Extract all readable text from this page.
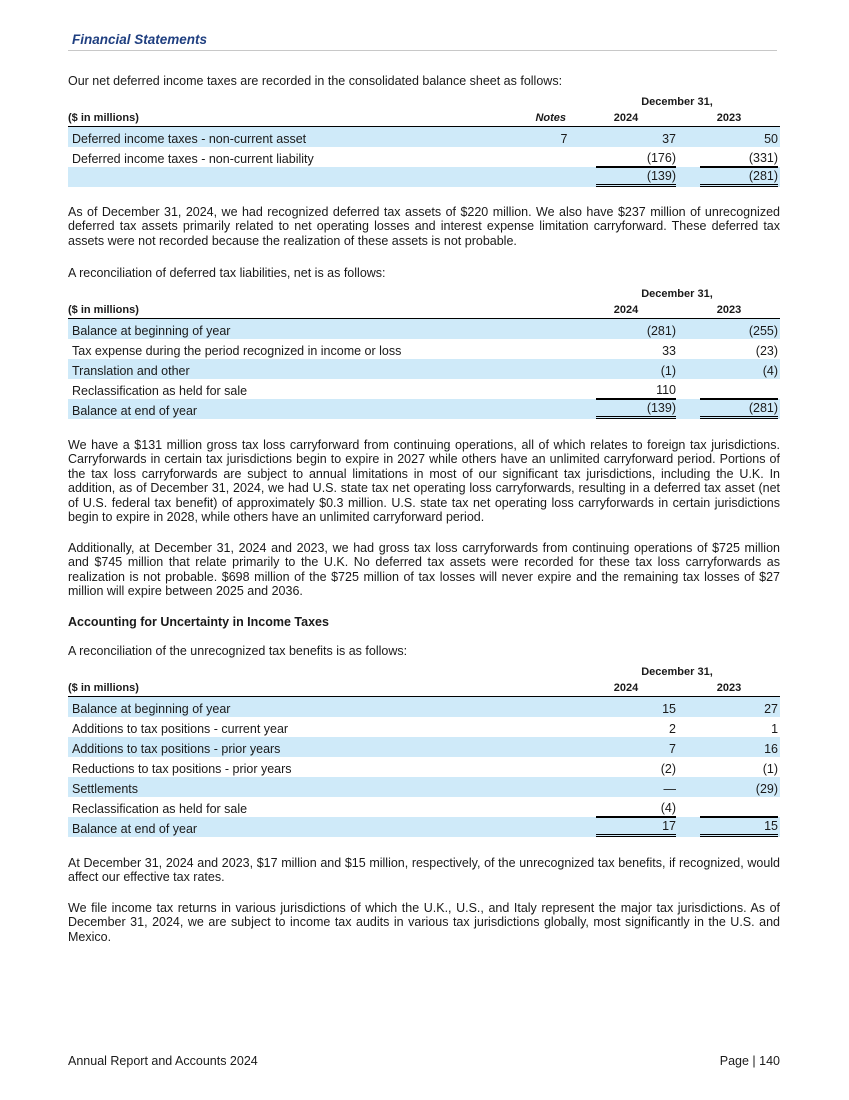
Financial Statements

Our net deferred income taxes are recorded in the consolidated balance sheet as follows:

		December 31,	
($ in millions)	Notes	2024	2023
Deferred income taxes - non-current asset	7	37	50

Deferred income taxes - non-current liability		(176)	(331)

		(139)	(281)

As of December 31, 2024, we had recognized deferred tax assets of $220 million. We also have $237 million of unrecognized deferred tax assets primarily related to net operating losses and interest expense limitation carryforward. These deferred tax assets were not recorded because the realization of these assets is not probable.

A reconciliation of deferred tax liabilities, net is as follows:

	December 31,	
($ in millions)	2024	2023
Balance at beginning of year	(281)	(255)

Tax expense during the period recognized in income or loss	33	(23)

Translation and other	(1)	(4)

Reclassification as held for sale	110	

Balance at end of year	(139)	(281)

We have a $131 million gross tax loss carryforward from continuing operations, all of which relates to foreign tax jurisdictions. Carryforwards in certain tax jurisdictions begin to expire in 2027 while others have an unlimited carryforward period. Portions of the tax loss carryforwards are subject to annual limitations in most of our significant tax jurisdictions, including the U.K. In addition, as of December 31, 2024, we had U.S. state tax net operating loss carryforwards, resulting in a deferred tax asset (net of U.S. federal tax benefit) of approximately $0.3 million. U.S. state tax net operating loss carryforwards in certain jurisdictions begin to expire in 2028, while others have an unlimited carryforward period.

Additionally, at December 31, 2024 and 2023, we had gross tax loss carryforwards from continuing operations of $725 million and $745 million that relate primarily to the U.K. No deferred tax assets were recorded for these tax loss carryforwards as realization is not probable. $698 million of the $725 million of tax losses will never expire and the remaining tax losses of $27 million will expire between 2025 and 2036.

Accounting for Uncertainty in Income Taxes

A reconciliation of the unrecognized tax benefits is as follows:

	December 31,	
($ in millions)	2024	2023
Balance at beginning of year	15	27

Additions to tax positions - current year	2	1

Additions to tax positions - prior years	7	16

Reductions to tax positions - prior years	(2)	(1)

Settlements	—	(29)

Reclassification as held for sale	(4)	

Balance at end of year	17	15

At December 31, 2024 and 2023, $17 million and $15 million, respectively, of the unrecognized tax benefits, if recognized, would affect our effective tax rates.

We file income tax returns in various jurisdictions of which the U.K., U.S., and Italy represent the major tax jurisdictions. As of December 31, 2024, we are subject to income tax audits in various tax jurisdictions globally, most significantly in the U.S. and Mexico.

Annual Report and Accounts 2024	Page | 140
